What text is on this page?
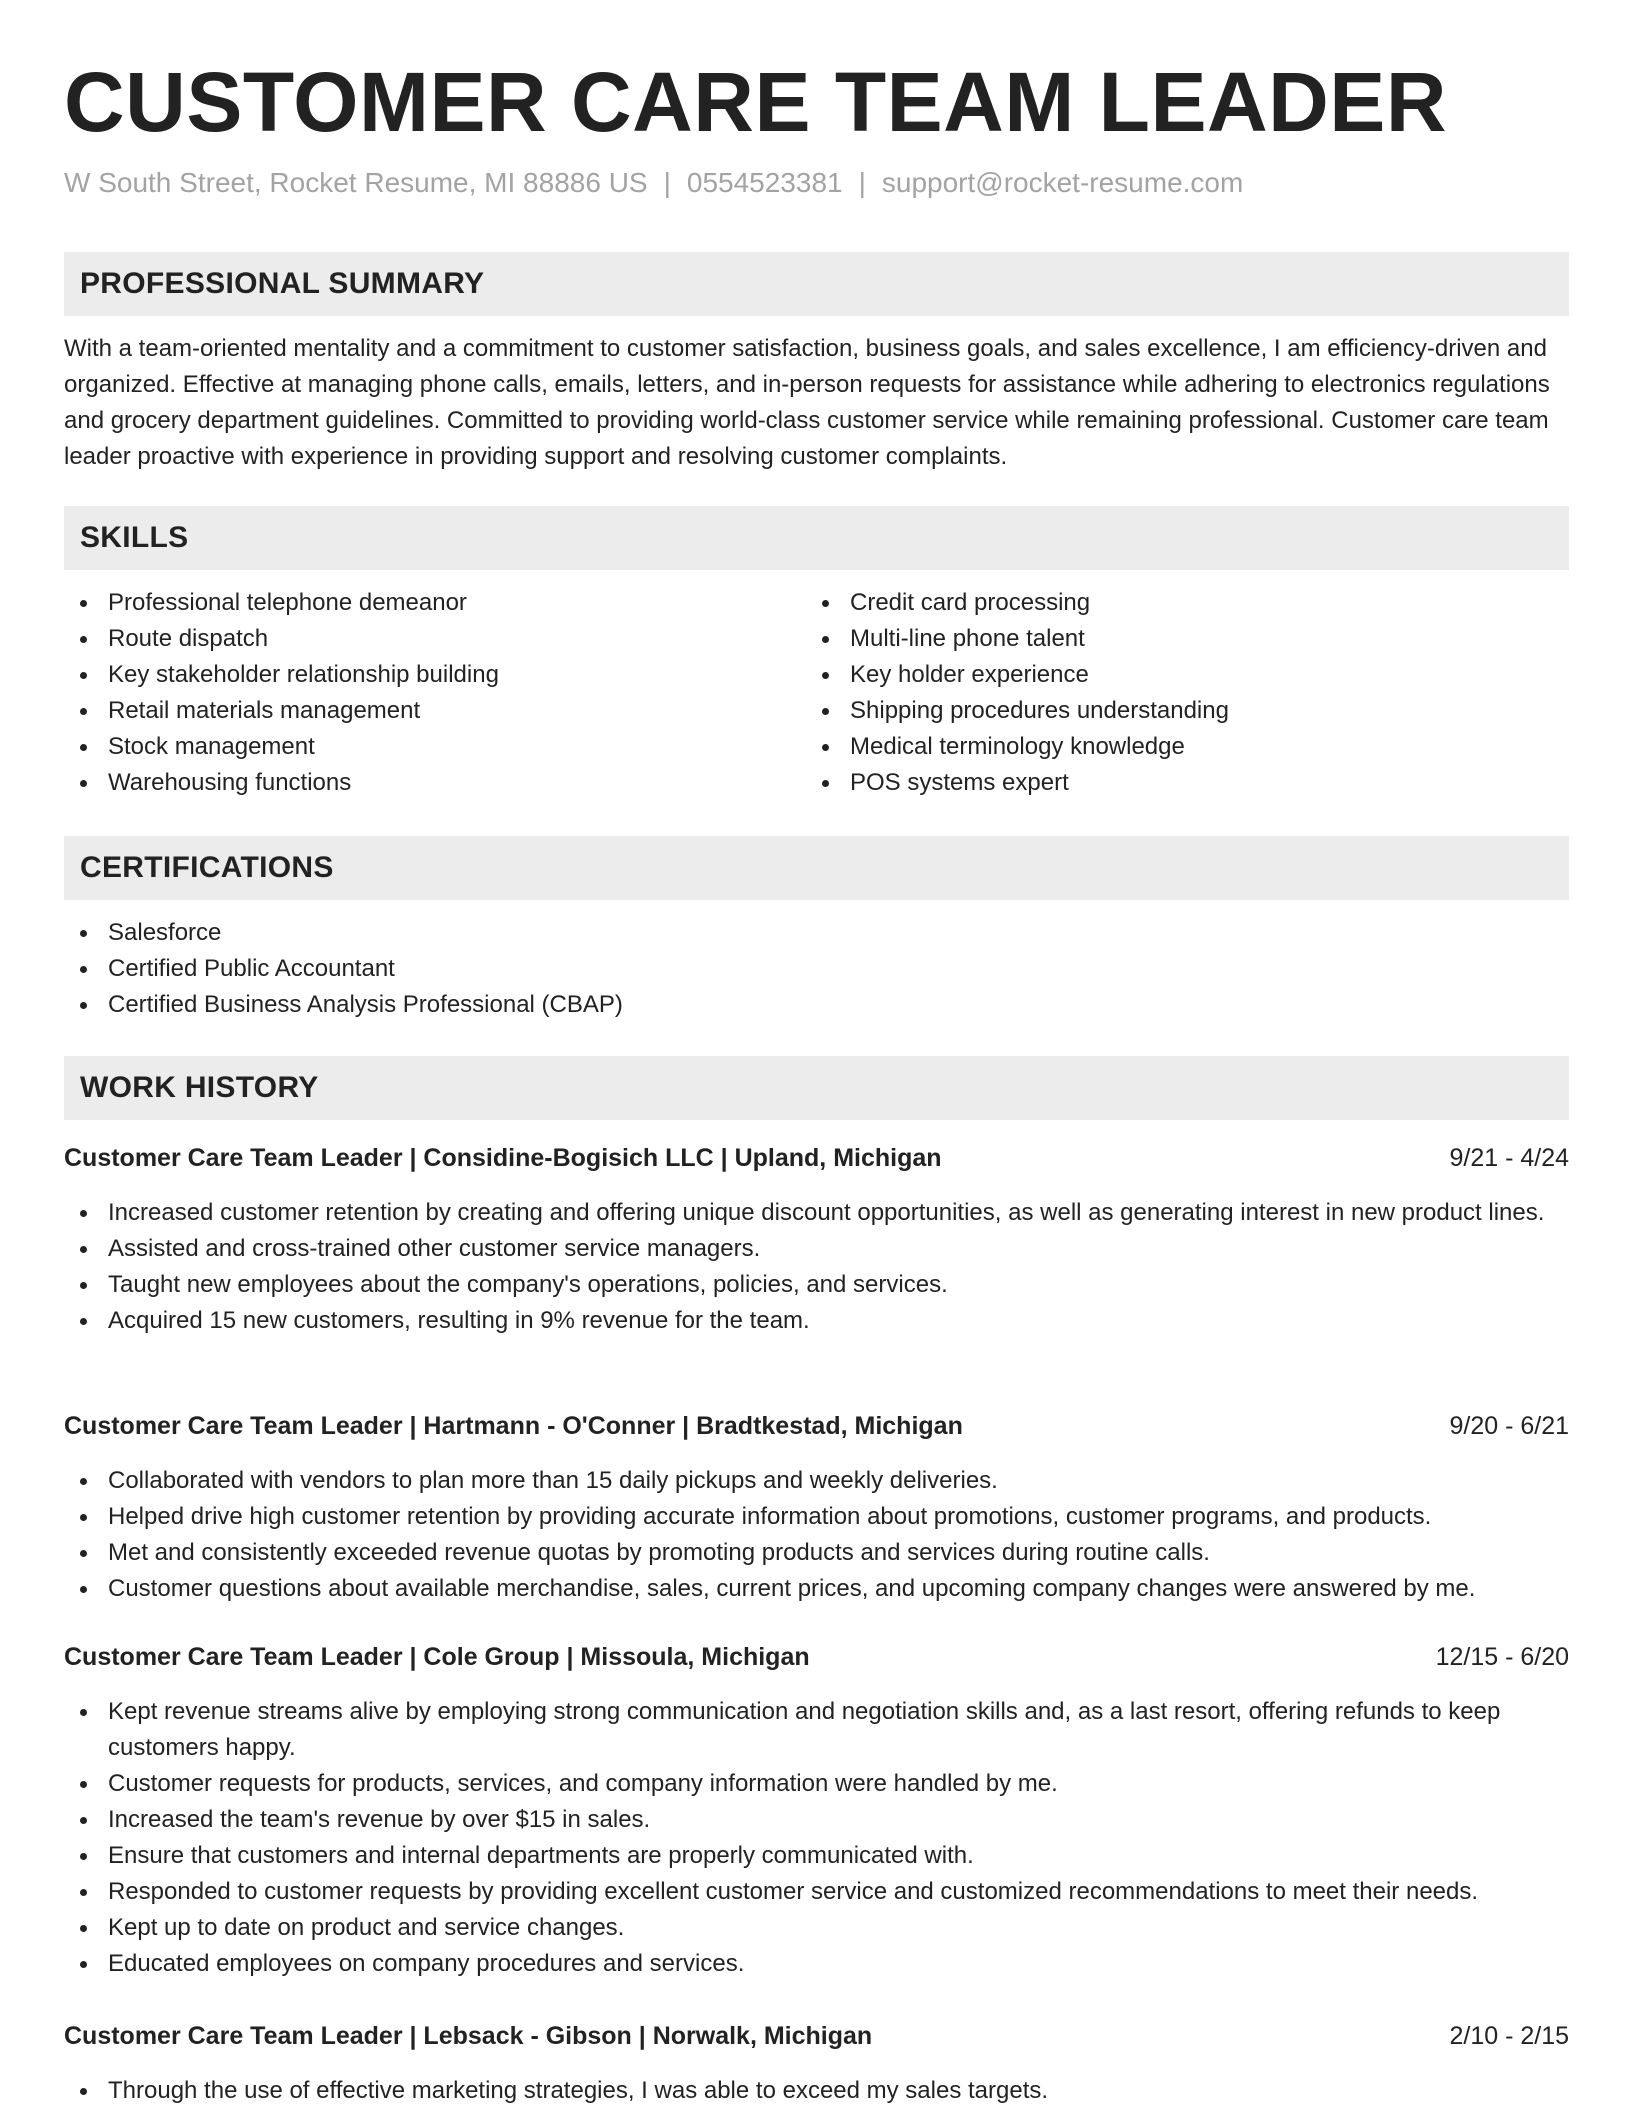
CUSTOMER CARE TEAM LEADER
W South Street, Rocket Resume, MI 88886 US | 0554523381 | support@rocket-resume.com
PROFESSIONAL SUMMARY

With a team-oriented mentality and a commitment to customer satisfaction, business goals, and sales excellence, I am efficiency-driven and organized. Effective at managing phone calls, emails, letters, and in-person requests for assistance while adhering to electronics regulations and grocery department guidelines. Committed to providing world-class customer service while remaining professional. Customer care team leader proactive with experience in providing support and resolving customer complaints.

SKILLS
Professional telephone demeanor
Route dispatch
Key stakeholder relationship building
Retail materials management
Stock management
Warehousing functions
Credit card processing
Multi-line phone talent
Key holder experience
Shipping procedures understanding
Medical terminology knowledge
POS systems expert
CERTIFICATIONS
Salesforce
Certified Public Accountant
Certified Business Analysis Professional (CBAP)
WORK HISTORY
Customer Care Team Leader | Considine-Bogisich LLC | Upland, Michigan	9/21 - 4/24
Increased customer retention by creating and offering unique discount opportunities, as well as generating interest in new product lines.
Assisted and cross-trained other customer service managers.
Taught new employees about the company's operations, policies, and services.
Acquired 15 new customers, resulting in 9% revenue for the team.
Customer Care Team Leader | Hartmann - O'Conner | Bradtkestad, Michigan	9/20 - 6/21
Collaborated with vendors to plan more than 15 daily pickups and weekly deliveries.
Helped drive high customer retention by providing accurate information about promotions, customer programs, and products.
Met and consistently exceeded revenue quotas by promoting products and services during routine calls.
Customer questions about available merchandise, sales, current prices, and upcoming company changes were answered by me.
Customer Care Team Leader | Cole Group | Missoula, Michigan	12/15 - 6/20
Kept revenue streams alive by employing strong communication and negotiation skills and, as a last resort, offering refunds to keep customers happy.
Customer requests for products, services, and company information were handled by me.
Increased the team's revenue by over $15 in sales.
Ensure that customers and internal departments are properly communicated with.
Responded to customer requests by providing excellent customer service and customized recommendations to meet their needs.
Kept up to date on product and service changes.
Educated employees on company procedures and services.
Customer Care Team Leader | Lebsack - Gibson | Norwalk, Michigan	2/10 - 2/15
Through the use of effective marketing strategies, I was able to exceed my sales targets.
